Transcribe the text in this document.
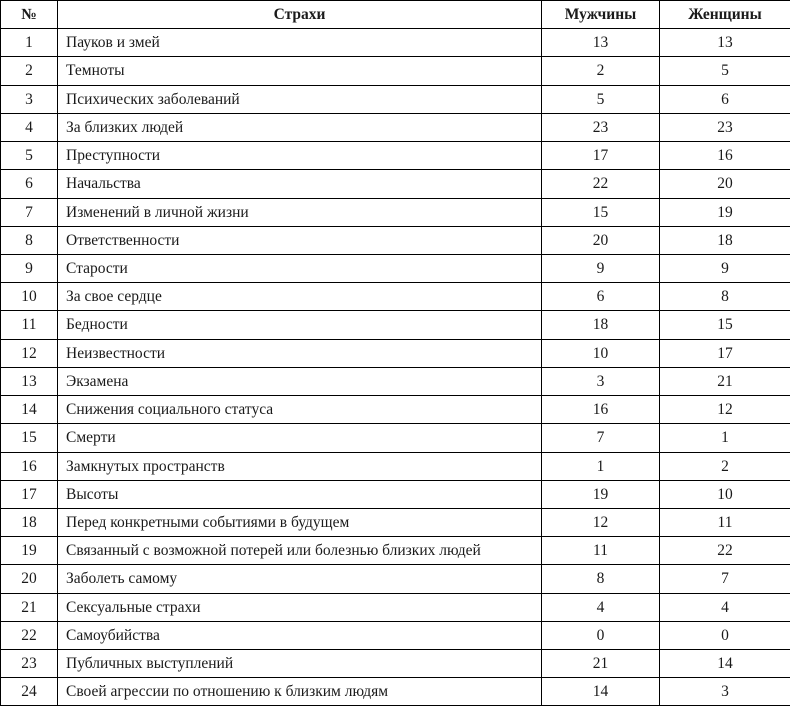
№	Страхи	Мужчины	Женщины
1	Пауков и змей	13	13
2	Темноты	2	5
3	Психических заболеваний	5	6
4	За близких людей	23	23
5	Преступности	17	16
6	Начальства	22	20
7	Изменений в личной жизни	15	19
8	Ответственности	20	18
9	Старости	9	9
10	За свое сердце	6	8
11	Бедности	18	15
12	Неизвестности	10	17
13	Экзамена	3	21
14	Снижения социального статуса	16	12
15	Смерти	7	1
16	Замкнутых пространств	1	2
17	Высоты	19	10
18	Перед конкретными событиями в будущем	12	11
19	Связанный с возможной потерей или болезнью близких людей	11	22
20	Заболеть самому	8	7
21	Сексуальные страхи	4	4
22	Самоубийства	0	0
23	Публичных выступлений	21	14
24	Своей агрессии по отношению к близким людям	14	3
